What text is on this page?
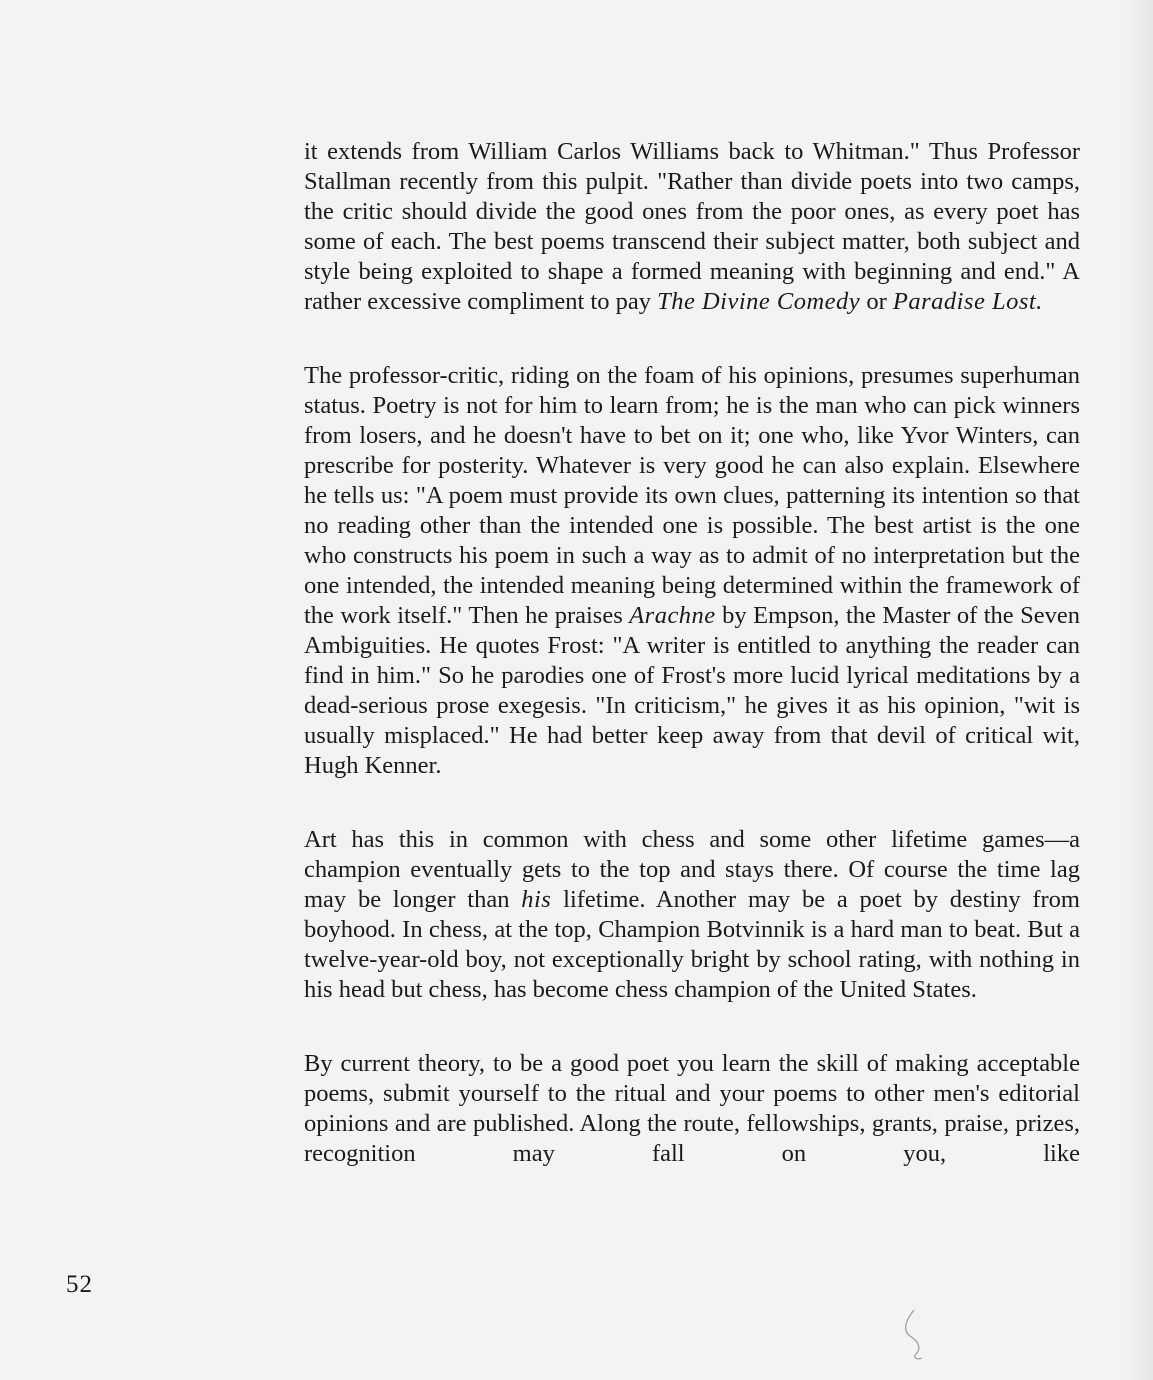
it extends from William Carlos Williams back to Whitman." Thus Professor Stallman recently from this pulpit. "Rather than divide poets into two camps, the critic should divide the good ones from the poor ones, as every poet has some of each. The best poems transcend their subject matter, both subject and style being exploited to shape a formed meaning with beginning and end." A rather excessive compliment to pay The Divine Comedy or Paradise Lost.

The professor-critic, riding on the foam of his opinions, presumes superhuman status. Poetry is not for him to learn from; he is the man who can pick winners from losers, and he doesn't have to bet on it; one who, like Yvor Winters, can prescribe for posterity. Whatever is very good he can also explain. Elsewhere he tells us: "A poem must provide its own clues, patterning its intention so that no reading other than the intended one is possible. The best artist is the one who constructs his poem in such a way as to admit of no interpretation but the one intended, the intended meaning being determined within the framework of the work itself." Then he praises Arachne by Empson, the Master of the Seven Ambiguities. He quotes Frost: "A writer is entitled to anything the reader can find in him." So he parodies one of Frost's more lucid lyrical meditations by a dead-serious prose exegesis. "In criticism," he gives it as his opinion, "wit is usually misplaced." He had better keep away from that devil of critical wit, Hugh Kenner.

Art has this in common with chess and some other lifetime games—a champion eventually gets to the top and stays there. Of course the time lag may be longer than his lifetime. Another may be a poet by destiny from boyhood. In chess, at the top, Champion Botvinnik is a hard man to beat. But a twelve-year-old boy, not exceptionally bright by school rating, with nothing in his head but chess, has become chess champion of the United States.

By current theory, to be a good poet you learn the skill of making acceptable poems, submit yourself to the ritual and your poems to other men's editorial opinions and are published. Along the route, fellowships, grants, praise, prizes, recognition may fall on you, like

52
